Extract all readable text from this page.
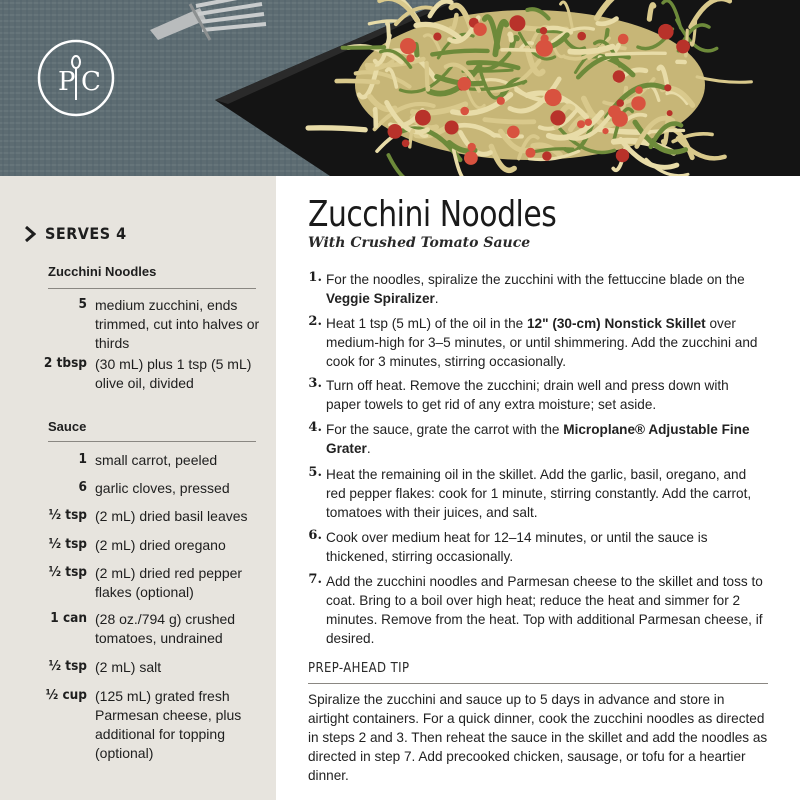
P C
SERVES 4
Zucchini Noodles
5 medium zucchini, ends trimmed, cut into halves or thirds
2 tbsp (30 mL) plus 1 tsp (5 mL) olive oil, divided
Sauce
1 small carrot, peeled
6 garlic cloves, pressed
½ tsp (2 mL) dried basil leaves
½ tsp (2 mL) dried oregano
½ tsp (2 mL) dried red pepper flakes (optional)
1 can (28 oz./794 g) crushed tomatoes, undrained
½ tsp (2 mL) salt
½ cup (125 mL) grated fresh Parmesan cheese, plus additional for topping (optional)
Zucchini Noodles
With Crushed Tomato Sauce
1. For the noodles, spiralize the zucchini with the fettuccine blade on the Veggie Spiralizer.
2. Heat 1 tsp (5 mL) of the oil in the 12" (30-cm) Nonstick Skillet over medium-high for 3–5 minutes, or until shimmering. Add the zucchini and cook for 3 minutes, stirring occasionally.
3. Turn off heat. Remove the zucchini; drain well and press down with paper towels to get rid of any extra moisture; set aside.
4. For the sauce, grate the carrot with the Microplane® Adjustable Fine Grater.
5. Heat the remaining oil in the skillet. Add the garlic, basil, oregano, and red pepper flakes: cook for 1 minute, stirring constantly. Add the carrot, tomatoes with their juices, and salt.
6. Cook over medium heat for 12–14 minutes, or until the sauce is thickened, stirring occasionally.
7. Add the zucchini noodles and Parmesan cheese to the skillet and toss to coat. Bring to a boil over high heat; reduce the heat and simmer for 2 minutes. Remove from the heat. Top with additional Parmesan cheese, if desired.
PREP-AHEAD TIP
Spiralize the zucchini and sauce up to 5 days in advance and store in airtight containers. For a quick dinner, cook the zucchini noodles as directed in steps 2 and 3. Then reheat the sauce in the skillet and add the noodles as directed in step 7. Add precooked chicken, sausage, or tofu for a heartier dinner.
